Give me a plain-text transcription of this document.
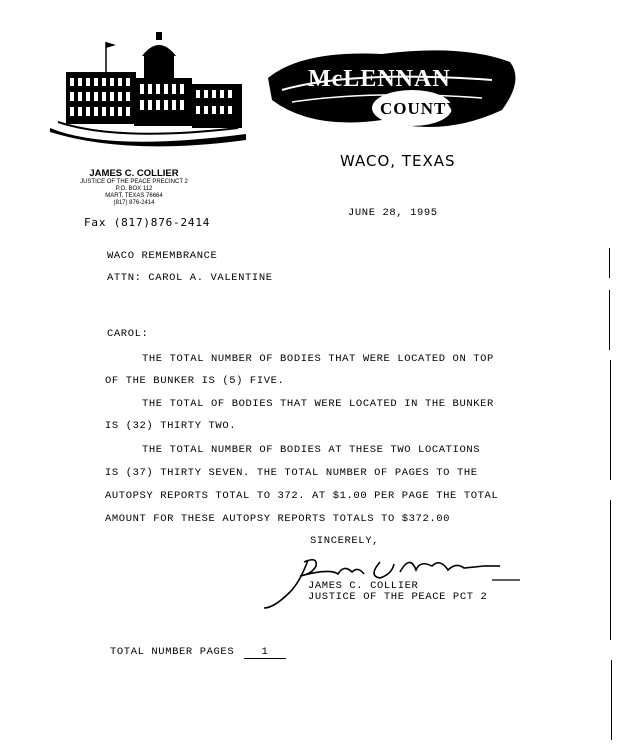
McLENNAN
COUNTY
WACO, TEXAS
JAMES C. COLLIER
JUSTICE OF THE PEACE PRECINCT 2
P.O. BOX 112
MART, TEXAS 76664
(817) 876-2414
Fax (817)876-2414
JUNE 28, 1995
WACO REMEMBRANCE
ATTN: CAROL A. VALENTINE
CAROL:
THE TOTAL NUMBER OF BODIES THAT WERE LOCATED ON TOP
OF THE BUNKER IS (5) FIVE.
THE TOTAL OF BODIES THAT WERE LOCATED IN THE BUNKER
IS (32) THIRTY TWO.
THE TOTAL NUMBER OF BODIES AT THESE TWO LOCATIONS
IS (37) THIRTY SEVEN. THE TOTAL NUMBER OF PAGES TO THE
AUTOPSY REPORTS TOTAL TO 372. AT $1.00 PER PAGE THE TOTAL
AMOUNT FOR THESE AUTOPSY REPORTS TOTALS TO $372.00
SINCERELY,
JAMES C. COLLIER
JUSTICE OF THE PEACE PCT 2
TOTAL NUMBER PAGES	1
